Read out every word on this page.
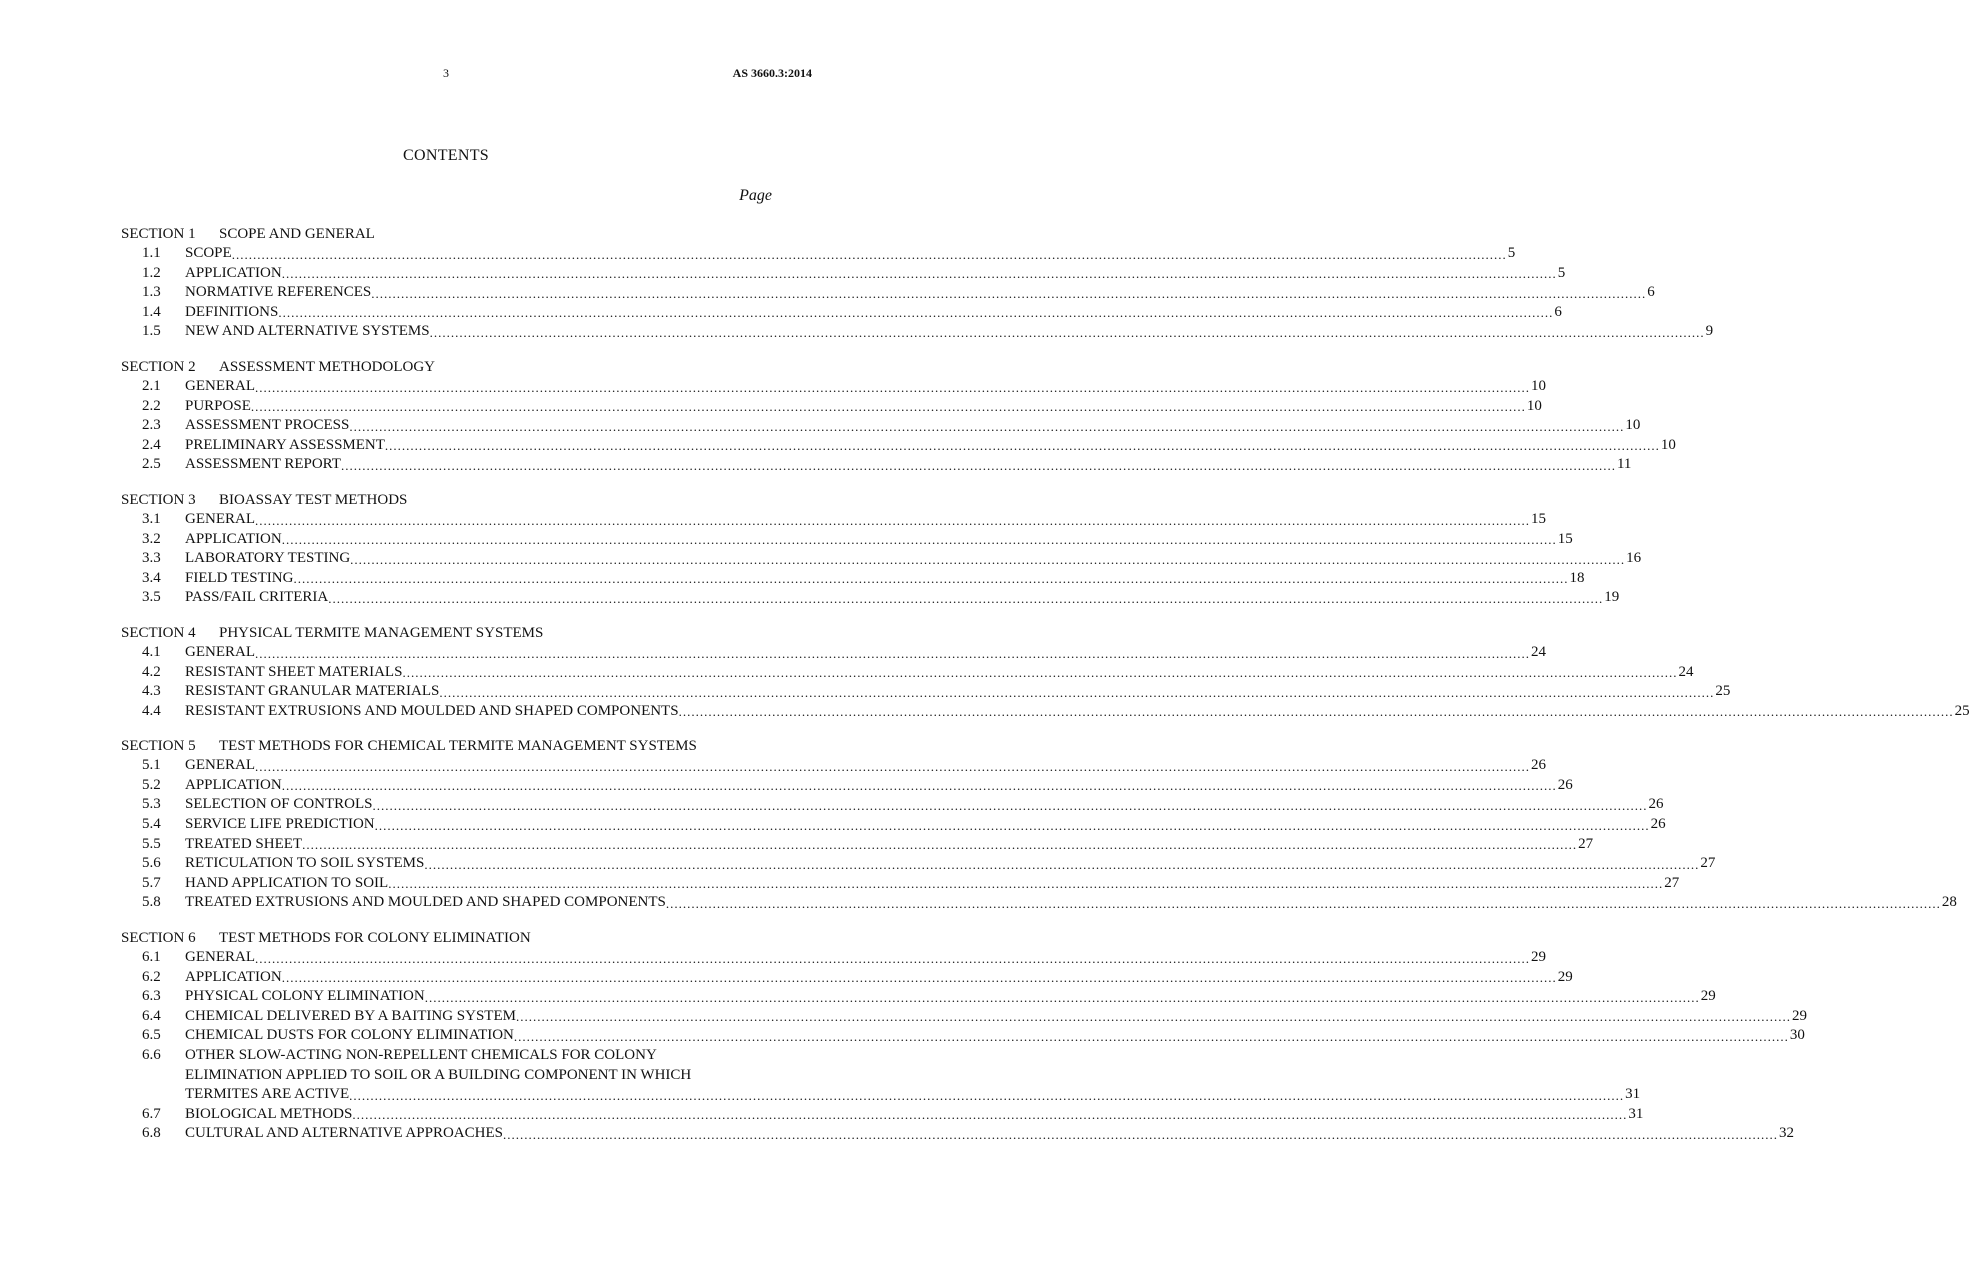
3	AS 3660.3:2014
CONTENTS
Page
SECTION 1 SCOPE AND GENERAL
1.1 SCOPE ............................................................................................................................................................................................................................................................................................................ 5
1.2 APPLICATION ............................................................................................................................................................................................................................................................................................................ 5
1.3 NORMATIVE REFERENCES ............................................................................................................................................................................................................................................................................................................ 6
1.4 DEFINITIONS ............................................................................................................................................................................................................................................................................................................ 6
1.5 NEW AND ALTERNATIVE SYSTEMS ............................................................................................................................................................................................................................................................................................................ 9
SECTION 2 ASSESSMENT METHODOLOGY
2.1 GENERAL ............................................................................................................................................................................................................................................................................................................ 10
2.2 PURPOSE ............................................................................................................................................................................................................................................................................................................ 10
2.3 ASSESSMENT PROCESS ............................................................................................................................................................................................................................................................................................................ 10
2.4 PRELIMINARY ASSESSMENT ............................................................................................................................................................................................................................................................................................................ 10
2.5 ASSESSMENT REPORT ............................................................................................................................................................................................................................................................................................................ 11
SECTION 3 BIOASSAY TEST METHODS
3.1 GENERAL ............................................................................................................................................................................................................................................................................................................ 15
3.2 APPLICATION ............................................................................................................................................................................................................................................................................................................ 15
3.3 LABORATORY TESTING ............................................................................................................................................................................................................................................................................................................ 16
3.4 FIELD TESTING ............................................................................................................................................................................................................................................................................................................ 18
3.5 PASS/FAIL CRITERIA ............................................................................................................................................................................................................................................................................................................ 19
SECTION 4 PHYSICAL TERMITE MANAGEMENT SYSTEMS
4.1 GENERAL ............................................................................................................................................................................................................................................................................................................ 24
4.2 RESISTANT SHEET MATERIALS ............................................................................................................................................................................................................................................................................................................ 24
4.3 RESISTANT GRANULAR MATERIALS ............................................................................................................................................................................................................................................................................................................ 25
4.4 RESISTANT EXTRUSIONS AND MOULDED AND SHAPED COMPONENTS ............................................................................................................................................................................................................................................................................................................ 25
SECTION 5 TEST METHODS FOR CHEMICAL TERMITE MANAGEMENT SYSTEMS
5.1 GENERAL ............................................................................................................................................................................................................................................................................................................ 26
5.2 APPLICATION ............................................................................................................................................................................................................................................................................................................ 26
5.3 SELECTION OF CONTROLS ............................................................................................................................................................................................................................................................................................................ 26
5.4 SERVICE LIFE PREDICTION ............................................................................................................................................................................................................................................................................................................ 26
5.5 TREATED SHEET ............................................................................................................................................................................................................................................................................................................ 27
5.6 RETICULATION TO SOIL SYSTEMS ............................................................................................................................................................................................................................................................................................................ 27
5.7 HAND APPLICATION TO SOIL ............................................................................................................................................................................................................................................................................................................ 27
5.8 TREATED EXTRUSIONS AND MOULDED AND SHAPED COMPONENTS ............................................................................................................................................................................................................................................................................................................ 28
SECTION 6 TEST METHODS FOR COLONY ELIMINATION
6.1 GENERAL ............................................................................................................................................................................................................................................................................................................ 29
6.2 APPLICATION ............................................................................................................................................................................................................................................................................................................ 29
6.3 PHYSICAL COLONY ELIMINATION ............................................................................................................................................................................................................................................................................................................ 29
6.4 CHEMICAL DELIVERED BY A BAITING SYSTEM ............................................................................................................................................................................................................................................................................................................ 29
6.5 CHEMICAL DUSTS FOR COLONY ELIMINATION ............................................................................................................................................................................................................................................................................................................ 30
6.6 OTHER SLOW-ACTING NON-REPELLENT CHEMICALS FOR COLONY
ELIMINATION APPLIED TO SOIL OR A BUILDING COMPONENT IN WHICH
TERMITES ARE ACTIVE ............................................................................................................................................................................................................................................................................................................ 31
6.7 BIOLOGICAL METHODS ............................................................................................................................................................................................................................................................................................................ 31
6.8 CULTURAL AND ALTERNATIVE APPROACHES ............................................................................................................................................................................................................................................................................................................ 32
